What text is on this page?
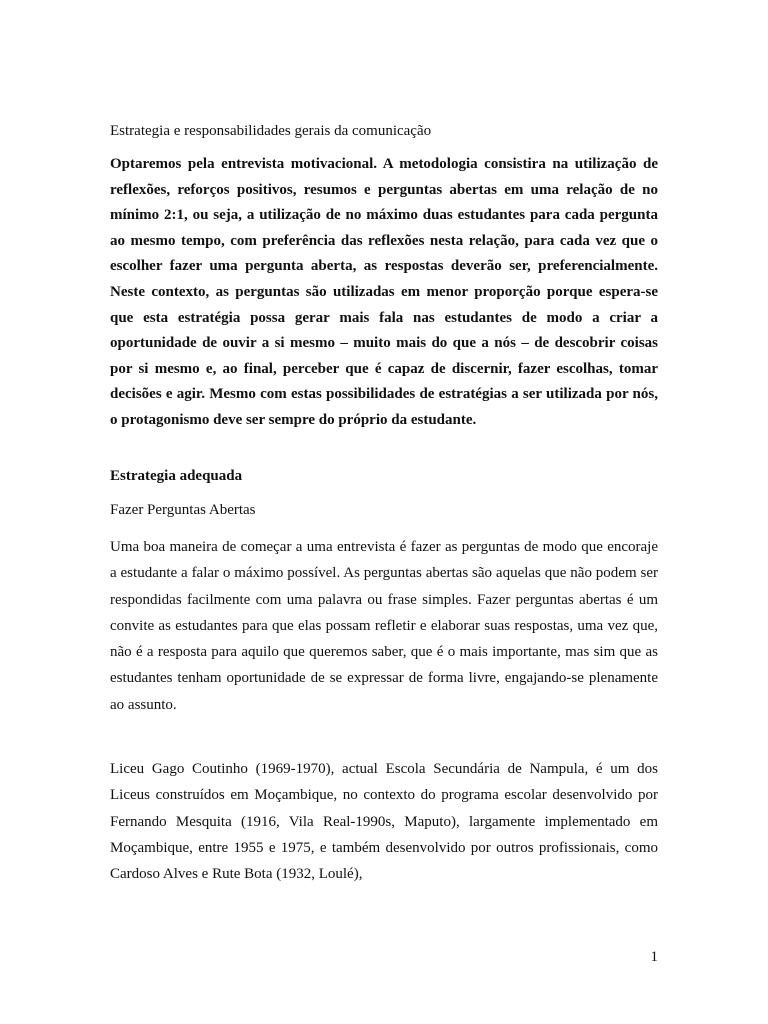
Estrategia e responsabilidades gerais da comunicação

Optaremos pela entrevista motivacional. A metodologia consistira na utilização de reflexões, reforços positivos, resumos e perguntas abertas em uma relação de no mínimo 2:1, ou seja, a utilização de no máximo duas estudantes para cada pergunta ao mesmo tempo, com preferência das reflexões nesta relação, para cada vez que o escolher fazer uma pergunta aberta, as respostas deverão ser, preferencialmente. Neste contexto, as perguntas são utilizadas em menor proporção porque espera-se que esta estratégia possa gerar mais fala nas estudantes de modo a criar a oportunidade de ouvir a si mesmo – muito mais do que a nós – de descobrir coisas por si mesmo e, ao final, perceber que é capaz de discernir, fazer escolhas, tomar decisões e agir. Mesmo com estas possibilidades de estratégias a ser utilizada por nós, o protagonismo deve ser sempre do próprio da estudante.

Estrategia adequada

Fazer Perguntas Abertas

Uma boa maneira de começar a uma entrevista é fazer as perguntas de modo que encoraje a estudante a falar o máximo possível. As perguntas abertas são aquelas que não podem ser respondidas facilmente com uma palavra ou frase simples. Fazer perguntas abertas é um convite as estudantes para que elas possam refletir e elaborar suas respostas, uma vez que, não é a resposta para aquilo que queremos saber, que é o mais importante, mas sim que as estudantes tenham oportunidade de se expressar de forma livre, engajando-se plenamente ao assunto.

Liceu Gago Coutinho (1969-1970), actual Escola Secundária de Nampula, é um dos Liceus construídos em Moçambique, no contexto do programa escolar desenvolvido por Fernando Mesquita (1916, Vila Real-1990s, Maputo), largamente implementado em Moçambique, entre 1955 e 1975, e também desenvolvido por outros profissionais, como Cardoso Alves e Rute Bota (1932, Loulé),

1
